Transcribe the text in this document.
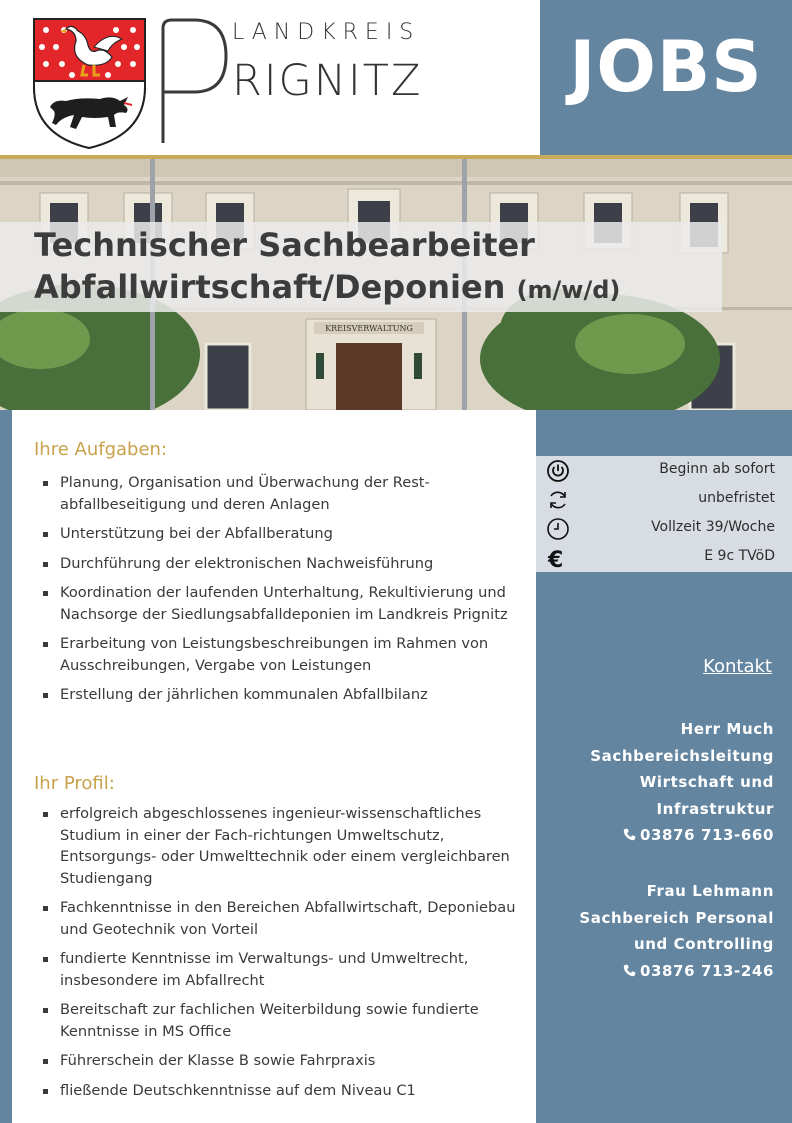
LANDKREIS
RIGNITZ	JOBS
KREISVERWALTUNG
Technischer Sachbearbeiter
Abfallwirtschaft/Deponien (m/w/d)
Beginn ab sofort
unbefristet
Vollzeit 39/Woche
€	E 9c TVöD
Kontakt
Herr Much
Sachbereichsleitung
Wirtschaft und
Infrastruktur
03876 713-660
Frau Lehmann
Sachbereich Personal
und Controlling
03876 713-246
Ihre Aufgaben:
Planung, Organisation und Überwachung der Rest-abfallbeseitigung und deren Anlagen
Unterstützung bei der Abfallberatung
Durchführung der elektronischen Nachweisführung
Koordination der laufenden Unterhaltung, Rekultivierung und Nachsorge der Siedlungsabfalldeponien im Landkreis Prignitz
Erarbeitung von Leistungsbeschreibungen im Rahmen von Ausschreibungen, Vergabe von Leistungen
Erstellung der jährlichen kommunalen Abfallbilanz
Ihr Profil:
erfolgreich abgeschlossenes ingenieur-wissenschaftliches Studium in einer der Fach-richtungen Umweltschutz, Entsorgungs- oder Umwelttechnik oder einem vergleichbaren Studiengang
Fachkenntnisse in den Bereichen Abfallwirtschaft, Deponiebau und Geotechnik von Vorteil
fundierte Kenntnisse im Verwaltungs- und Umweltrecht, insbesondere im Abfallrecht
Bereitschaft zur fachlichen Weiterbildung sowie fundierte Kenntnisse in MS Office
Führerschein der Klasse B sowie Fahrpraxis
fließende Deutschkenntnisse auf dem Niveau C1
